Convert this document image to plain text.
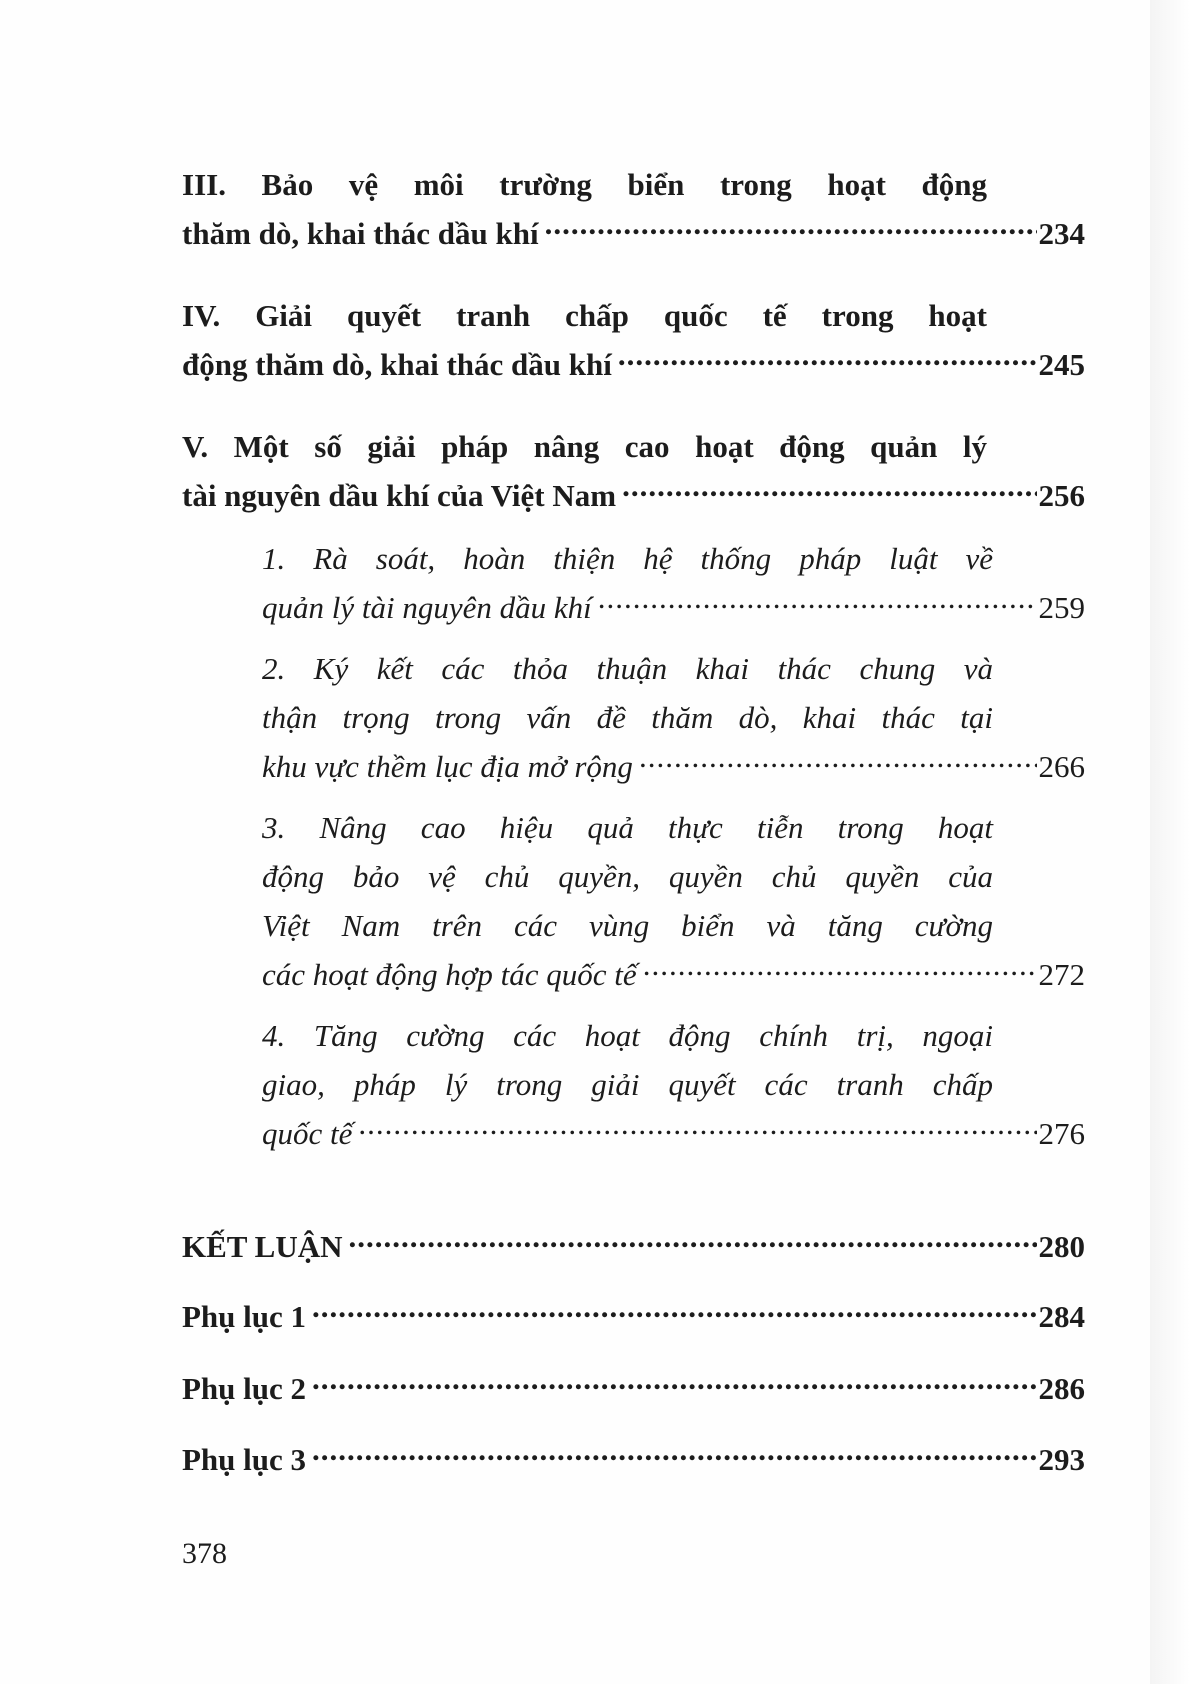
III. Bảo vệ môi trường biển trong hoạt động
thăm dò, khai thác dầu khí .....	234
IV. Giải quyết tranh chấp quốc tế trong hoạt
động thăm dò, khai thác dầu khí .....	245
V. Một số giải pháp nâng cao hoạt động quản lý
tài nguyên dầu khí của Việt Nam .....	256
1. Rà soát, hoàn thiện hệ thống pháp luật về
quản lý tài nguyên dầu khí .....	259
2. Ký kết các thỏa thuận khai thác chung và
thận trọng trong vấn đề thăm dò, khai thác tại
khu vực thềm lục địa mở rộng .....	266
3. Nâng cao hiệu quả thực tiễn trong hoạt
động bảo vệ chủ quyền, quyền chủ quyền của
Việt Nam trên các vùng biển và tăng cường
các hoạt động hợp tác quốc tế .....	272
4. Tăng cường các hoạt động chính trị, ngoại
giao, pháp lý trong giải quyết các tranh chấp
quốc tế .....	276
KẾT LUẬN .....	280
Phụ lục 1 .....	284
Phụ lục 2 .....	286
Phụ lục 3 .....	293
378
